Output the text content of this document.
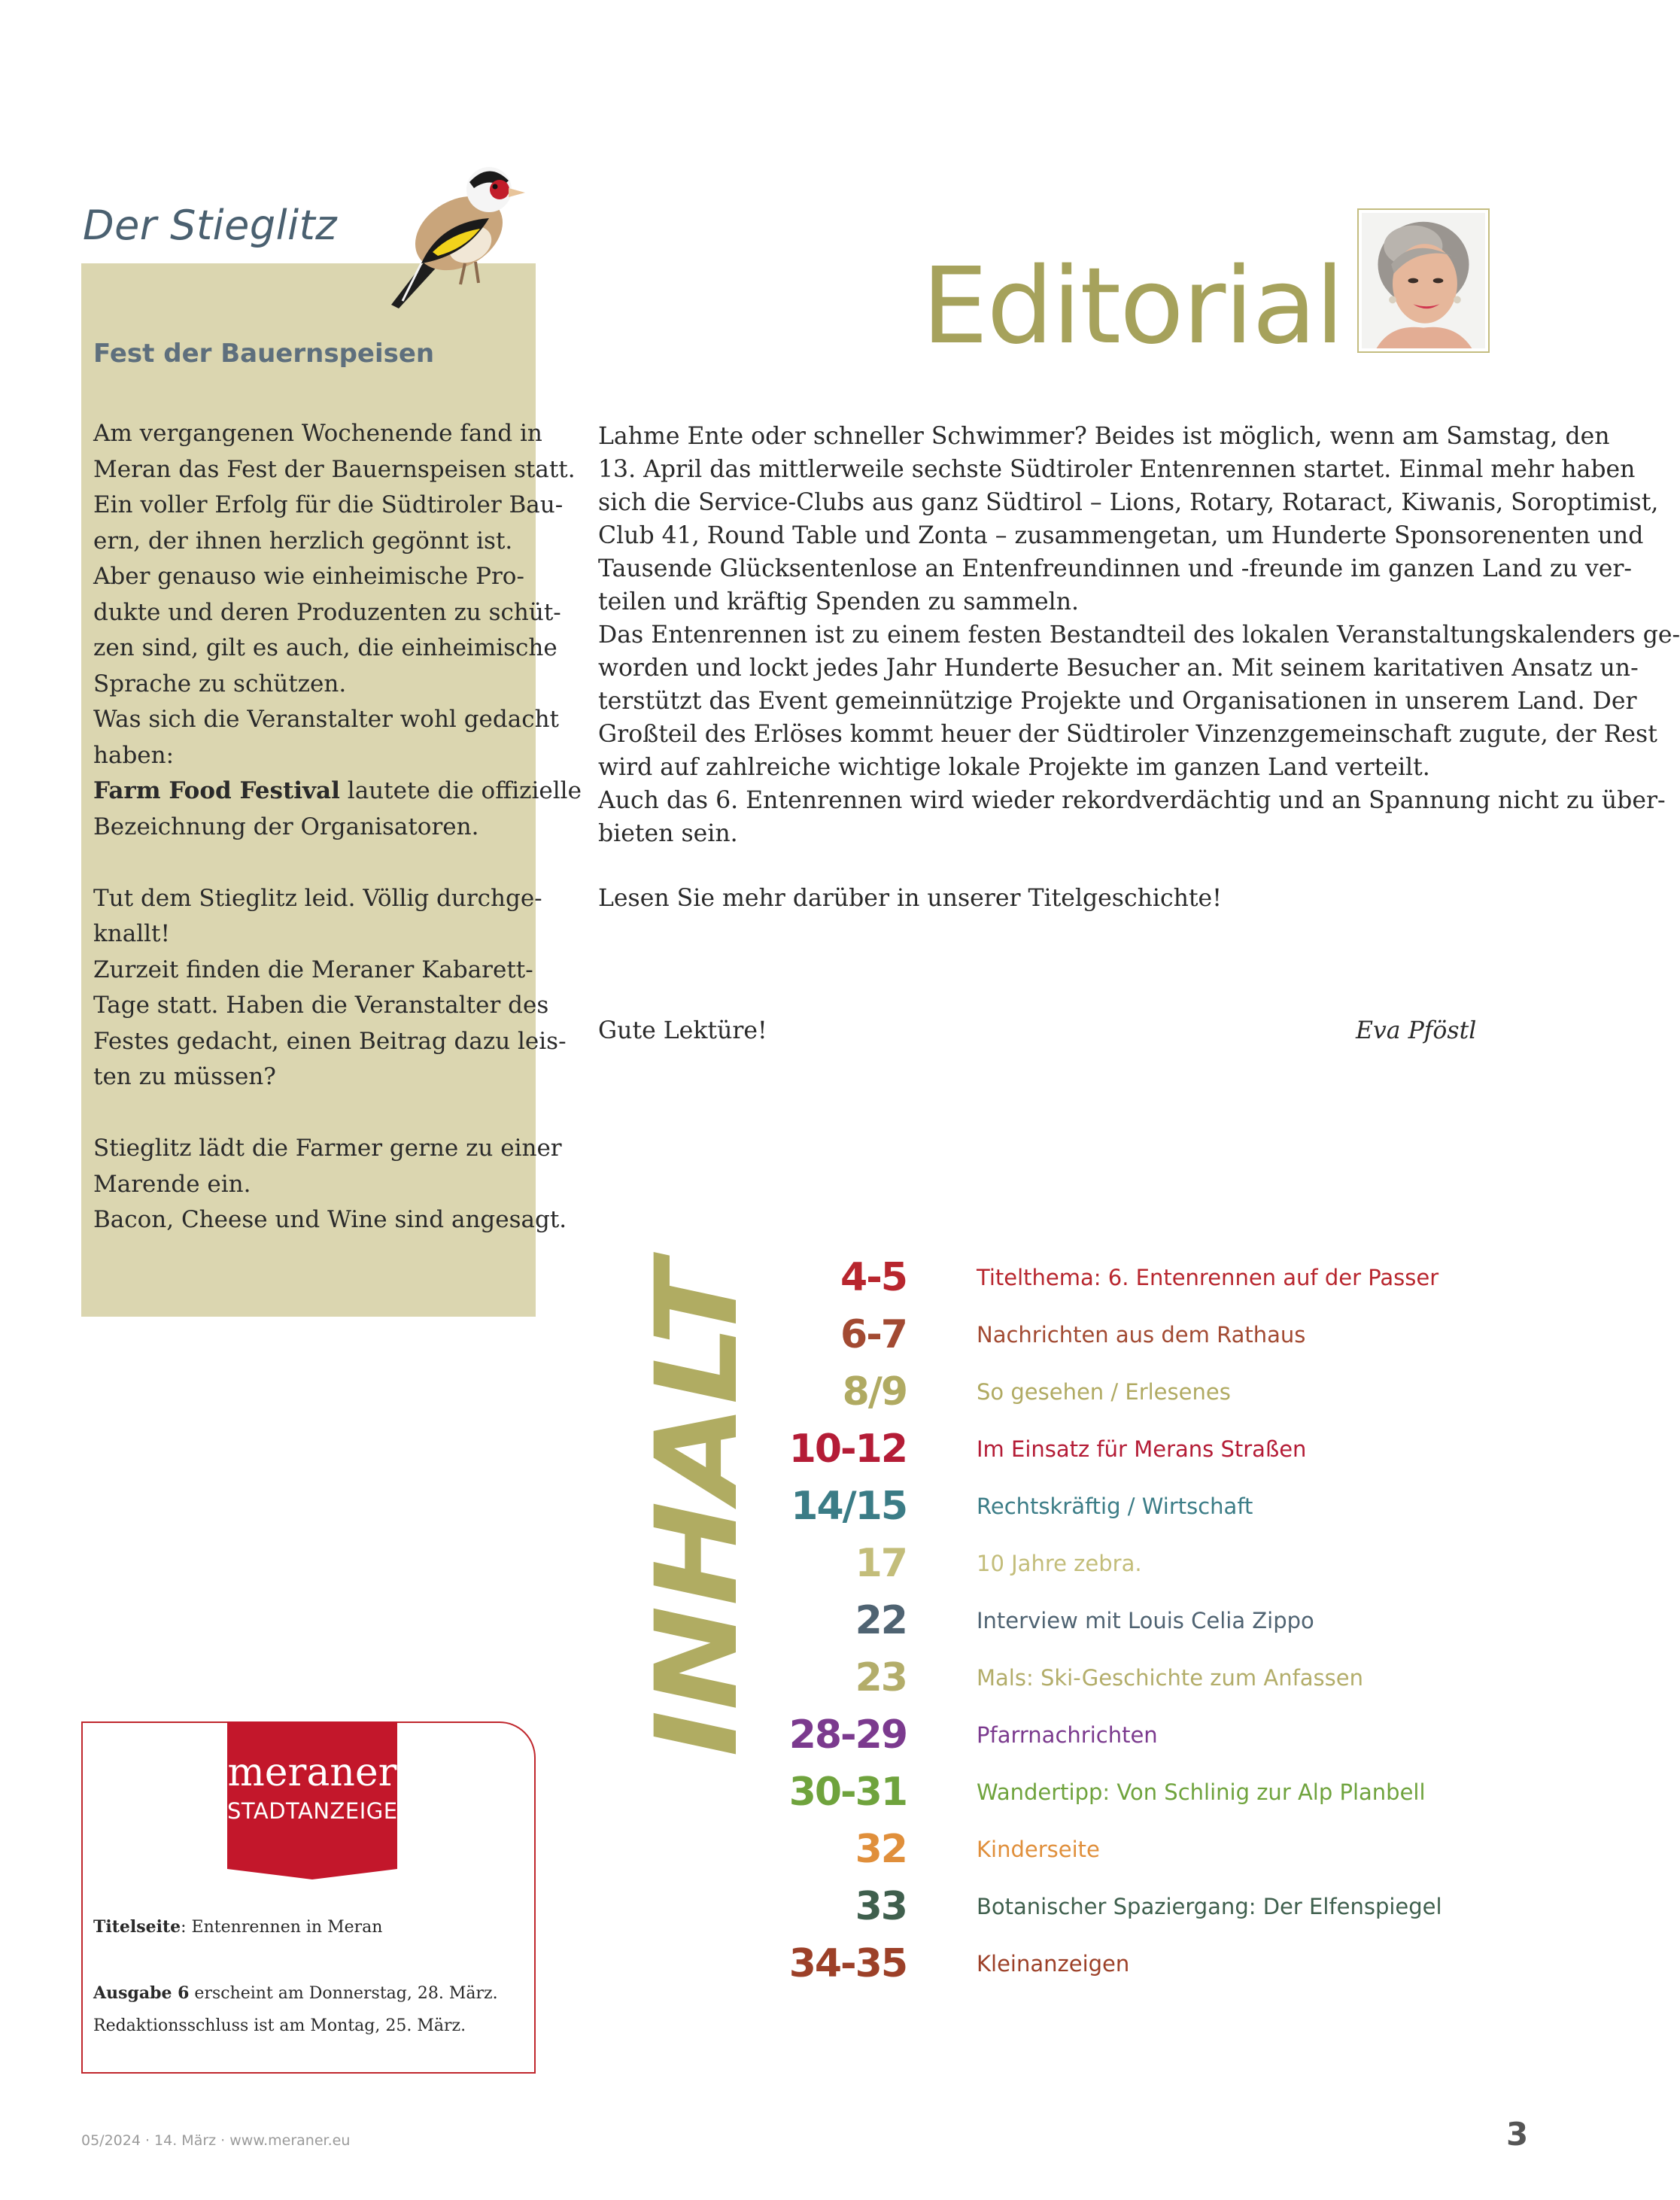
Der Stieglitz
Fest der Bauernspeisen
Am vergangenen Wochenende fand in
Meran das Fest der Bauernspeisen statt.
Ein voller Erfolg für die Südtiroler Bau-
ern, der ihnen herzlich gegönnt ist.
Aber genauso wie einheimische Pro-
dukte und deren Produzenten zu schüt-
zen sind, gilt es auch, die einheimische
Sprache zu schützen.
Was sich die Veranstalter wohl gedacht
haben:
Farm Food Festival lautete die offizielle
Bezeichnung der Organisatoren.
Tut dem Stieglitz leid. Völlig durchge-
knallt!
Zurzeit finden die Meraner Kabarett-
Tage statt. Haben die Veranstalter des
Festes gedacht, einen Beitrag dazu leis-
ten zu müssen?
Stieglitz lädt die Farmer gerne zu einer
Marende ein.
Bacon, Cheese und Wine sind angesagt.
Editorial
Lahme Ente oder schneller Schwimmer? Beides ist möglich, wenn am Samstag, den
13. April das mittlerweile sechste Südtiroler Entenrennen startet. Einmal mehr haben
sich die Service-Clubs aus ganz Südtirol – Lions, Rotary, Rotaract, Kiwanis, Soroptimist,
Club 41, Round Table und Zonta – zusammengetan, um Hunderte Sponsorenenten und
Tausende Glücksentenlose an Entenfreundinnen und -freunde im ganzen Land zu ver-
teilen und kräftig Spenden zu sammeln.
Das Entenrennen ist zu einem festen Bestandteil des lokalen Veranstaltungskalenders ge-
worden und lockt jedes Jahr Hunderte Besucher an. Mit seinem karitativen Ansatz un-
terstützt das Event gemeinnützige Projekte und Organisationen in unserem Land. Der
Großteil des Erlöses kommt heuer der Südtiroler Vinzenzgemeinschaft zugute, der Rest
wird auf zahlreiche wichtige lokale Projekte im ganzen Land verteilt.
Auch das 6. Entenrennen wird wieder rekordverdächtig und an Spannung nicht zu über-
bieten sein.
Lesen Sie mehr darüber in unserer Titelgeschichte!
Gute Lektüre!	Eva Pföstl
INHALT
4-5	Titelthema: 6. Entenrennen auf der Passer
6-7	Nachrichten aus dem Rathaus
8/9	So gesehen / Erlesenes
10-12	Im Einsatz für Merans Straßen
14/15	Rechtskräftig / Wirtschaft
17	10 Jahre zebra.
22	Interview mit Louis Celia Zippo
23	Mals: Ski-Geschichte zum Anfassen
28-29	Pfarrnachrichten
30-31	Wandertipp: Von Schlinig zur Alp Planbell
32	Kinderseite
33	Botanischer Spaziergang: Der Elfenspiegel
34-35	Kleinanzeigen
meraner
STADTANZEIGER
Titelseite: Entenrennen in Meran
Ausgabe 6 erscheint am Donnerstag, 28. März.
Redaktionsschluss ist am Montag, 25. März.
05/2024 · 14. März · www.meraner.eu	3
